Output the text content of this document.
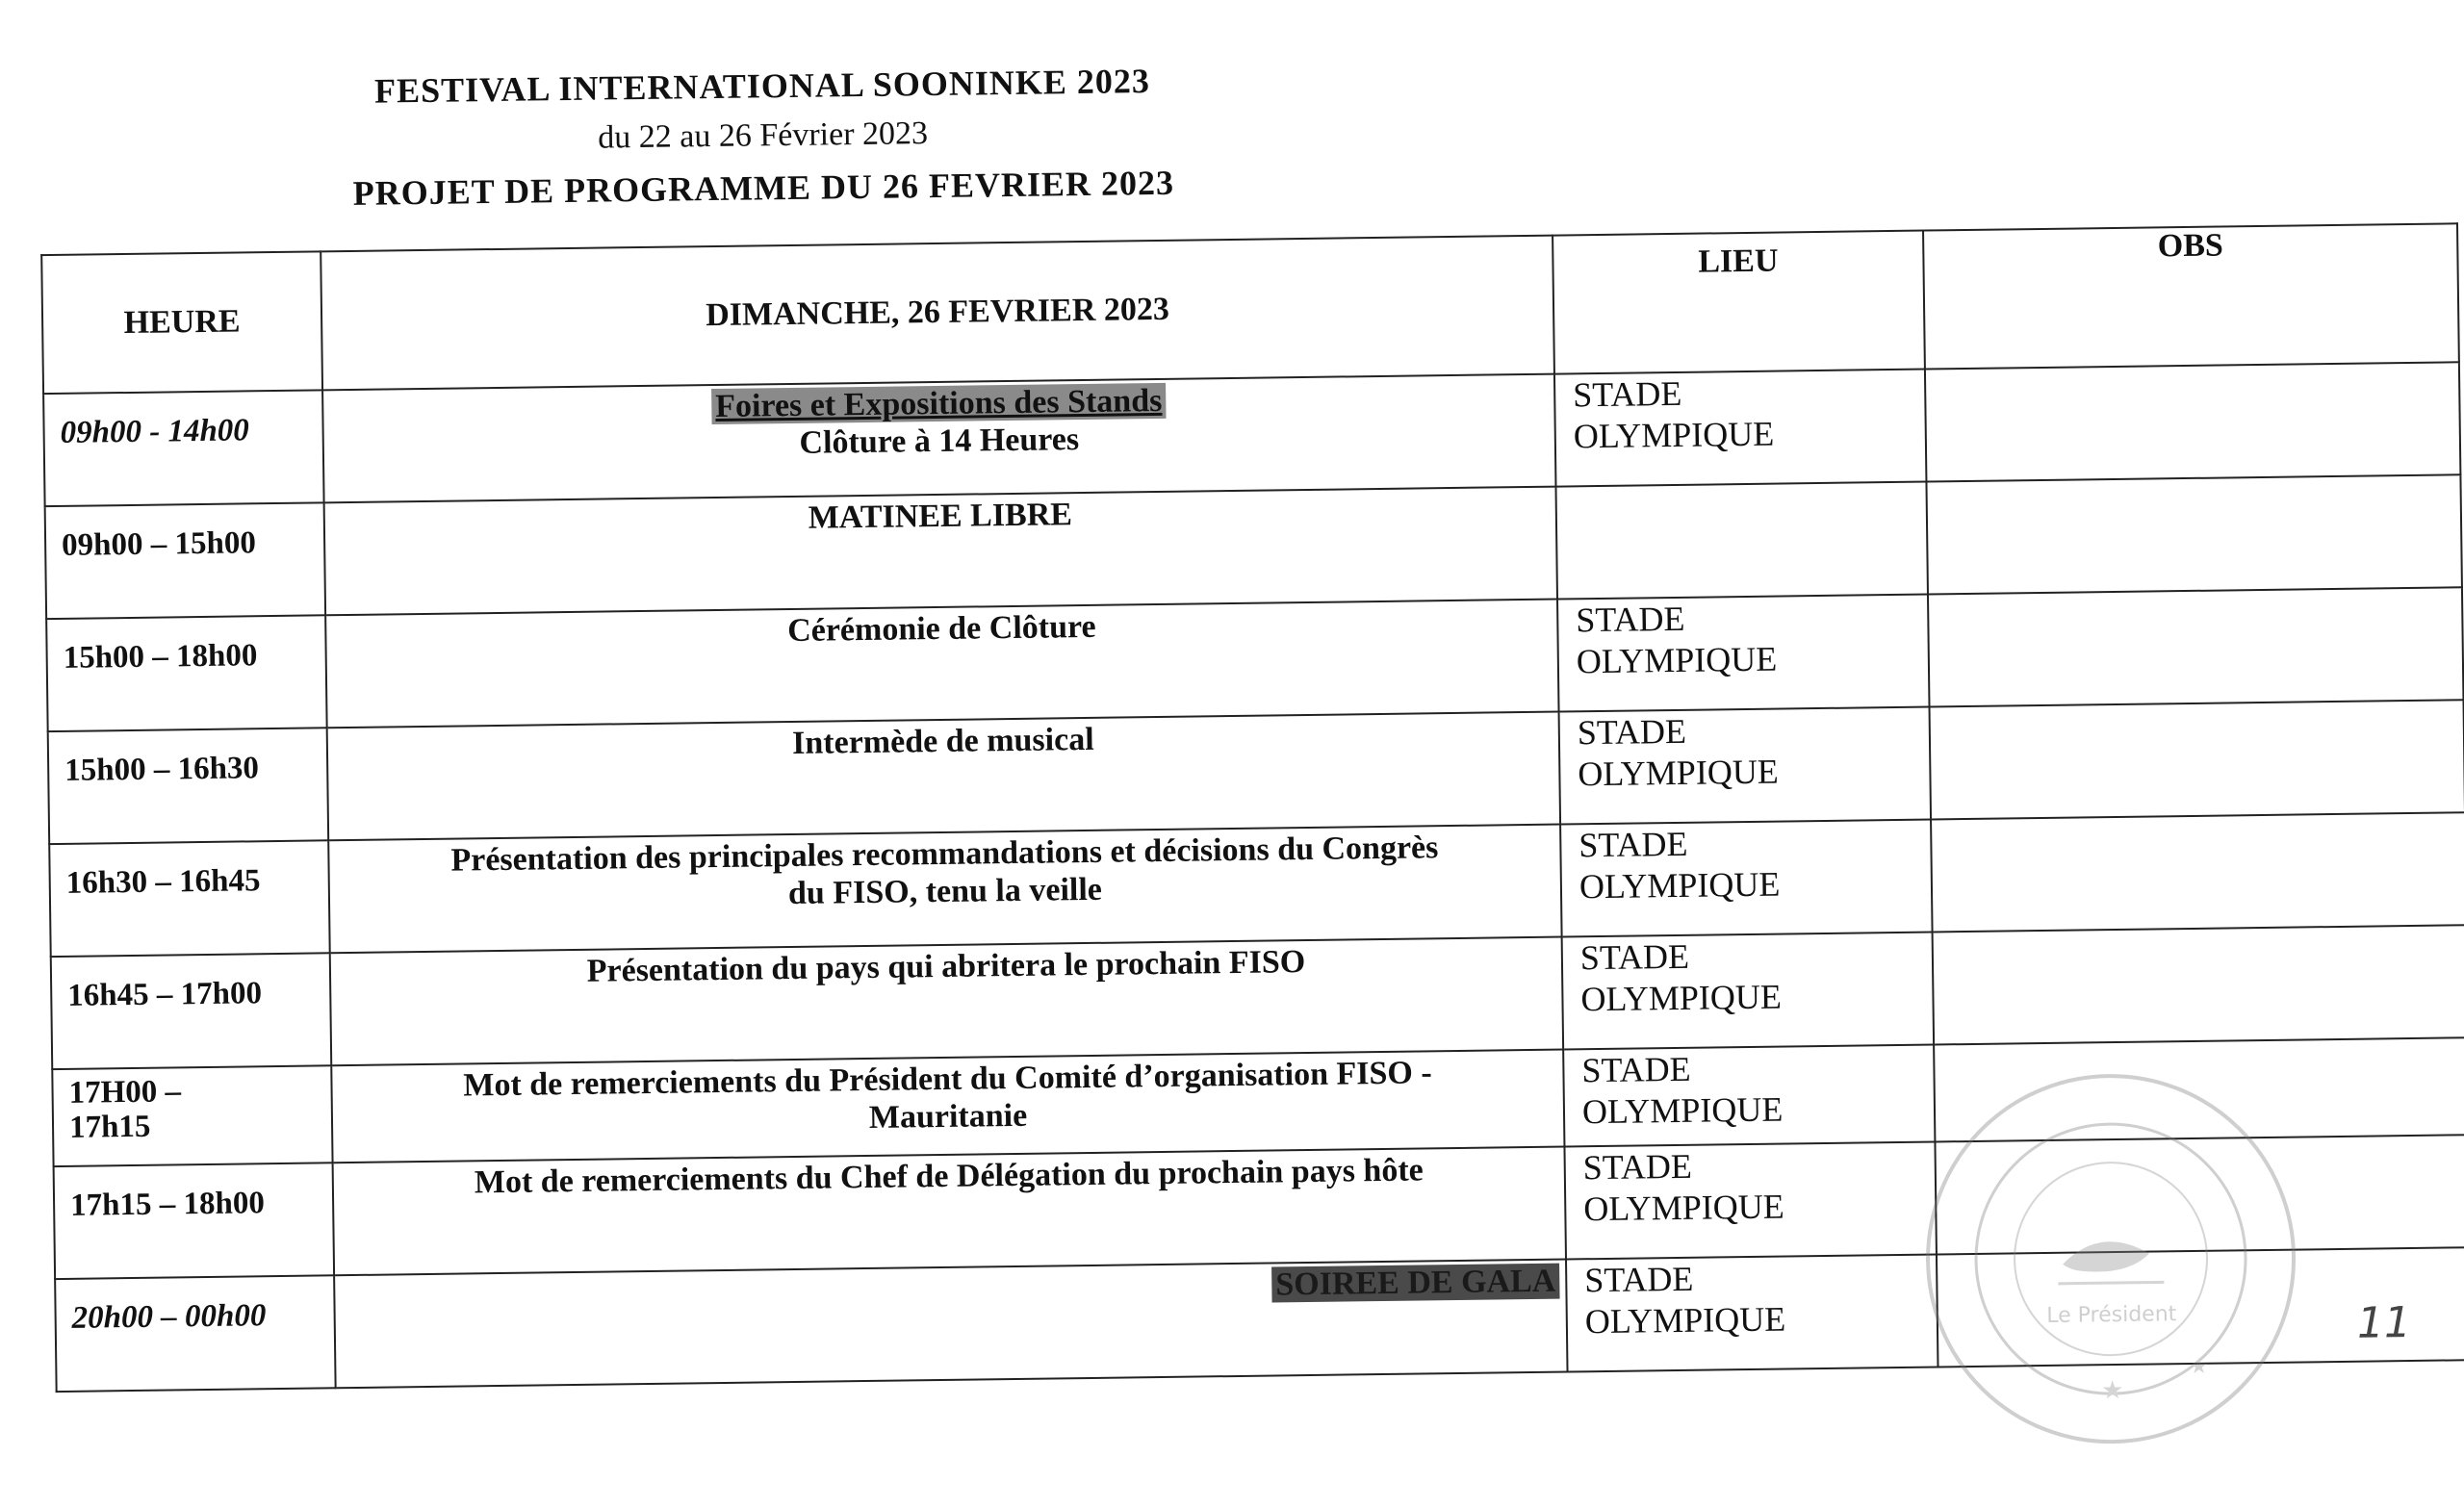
FESTIVAL INTERNATIONAL SOONINKE 2023
du 22 au 26 Février 2023
PROJET DE PROGRAMME DU 26 FEVRIER 2023
HEURE	DIMANCHE, 26 FEVRIER 2023	LIEU	OBS
09h00 - 14h00	Foires et Expositions des Stands
Clôture à 14 Heures	STADE
OLYMPIQUE	

09h00 – 15h00	MATINEE LIBRE	

15h00 – 18h00	Cérémonie de Clôture	STADE
OLYMPIQUE	

15h00 – 16h30	Intermède de musical	STADE
OLYMPIQUE	

16h30 – 16h45	Présentation des principales recommandations et décisions du Congrès
du FISO, tenu la veille	STADE
OLYMPIQUE	

16h45 – 17h00	Présentation du pays qui abritera le prochain FISO	STADE
OLYMPIQUE	

17H00 –
17h15	Mot de remerciements du Président du Comité d’organisation FISO -
Mauritanie	STADE
OLYMPIQUE	

17h15 – 18h00	Mot de remerciements du Chef de Délégation du prochain pays hôte	STADE
OLYMPIQUE	

20h00 – 00h00	SOIREE DE GALA	STADE
OLYMPIQUE	
		Le Président
★
★
11
